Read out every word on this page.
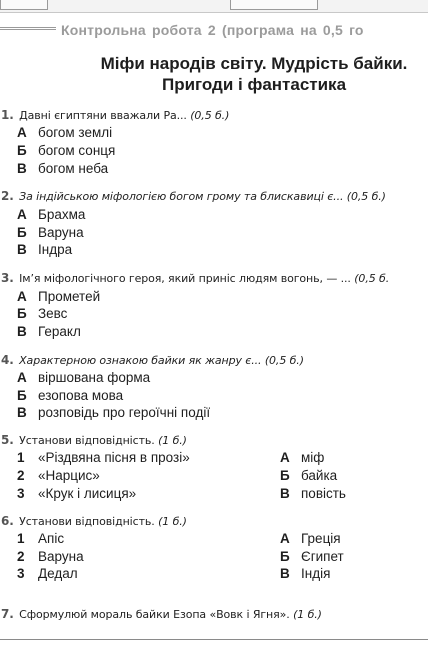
Контрольна робота 2 (програма на 0,5 го
Міфи народів світу. Мудрість байки.
Пригоди і фантастика
1. Давні єгиптяни вважали Ра... (0,5 б.)
А богом землі
Б богом сонця
В богом неба
2. За індійською міфологією богом грому та блискавиці є... (0,5 б.)
А Брахма
Б Варуна
В Індра
3. Ім’я міфологічного героя, який приніс людям вогонь, — ... (0,5 б.
А Прометей
Б Зевс
В Геракл
4. Характерною ознакою байки як жанру є... (0,5 б.)
А віршована форма
Б езопова мова
В розповідь про героїчні події
5. Установи відповідність. (1 б.)
1 «Різдвяна пісня в прозі»
2 «Нарцис»
3 «Крук і лисиця»
А міф
Б байка
В повість
6. Установи відповідність. (1 б.)
1 Апіс
2 Варуна
3 Дедал
А Греція
Б Єгипет
В Індія
7. Сформулюй мораль байки Езопа «Вовк і Ягня». (1 б.)
